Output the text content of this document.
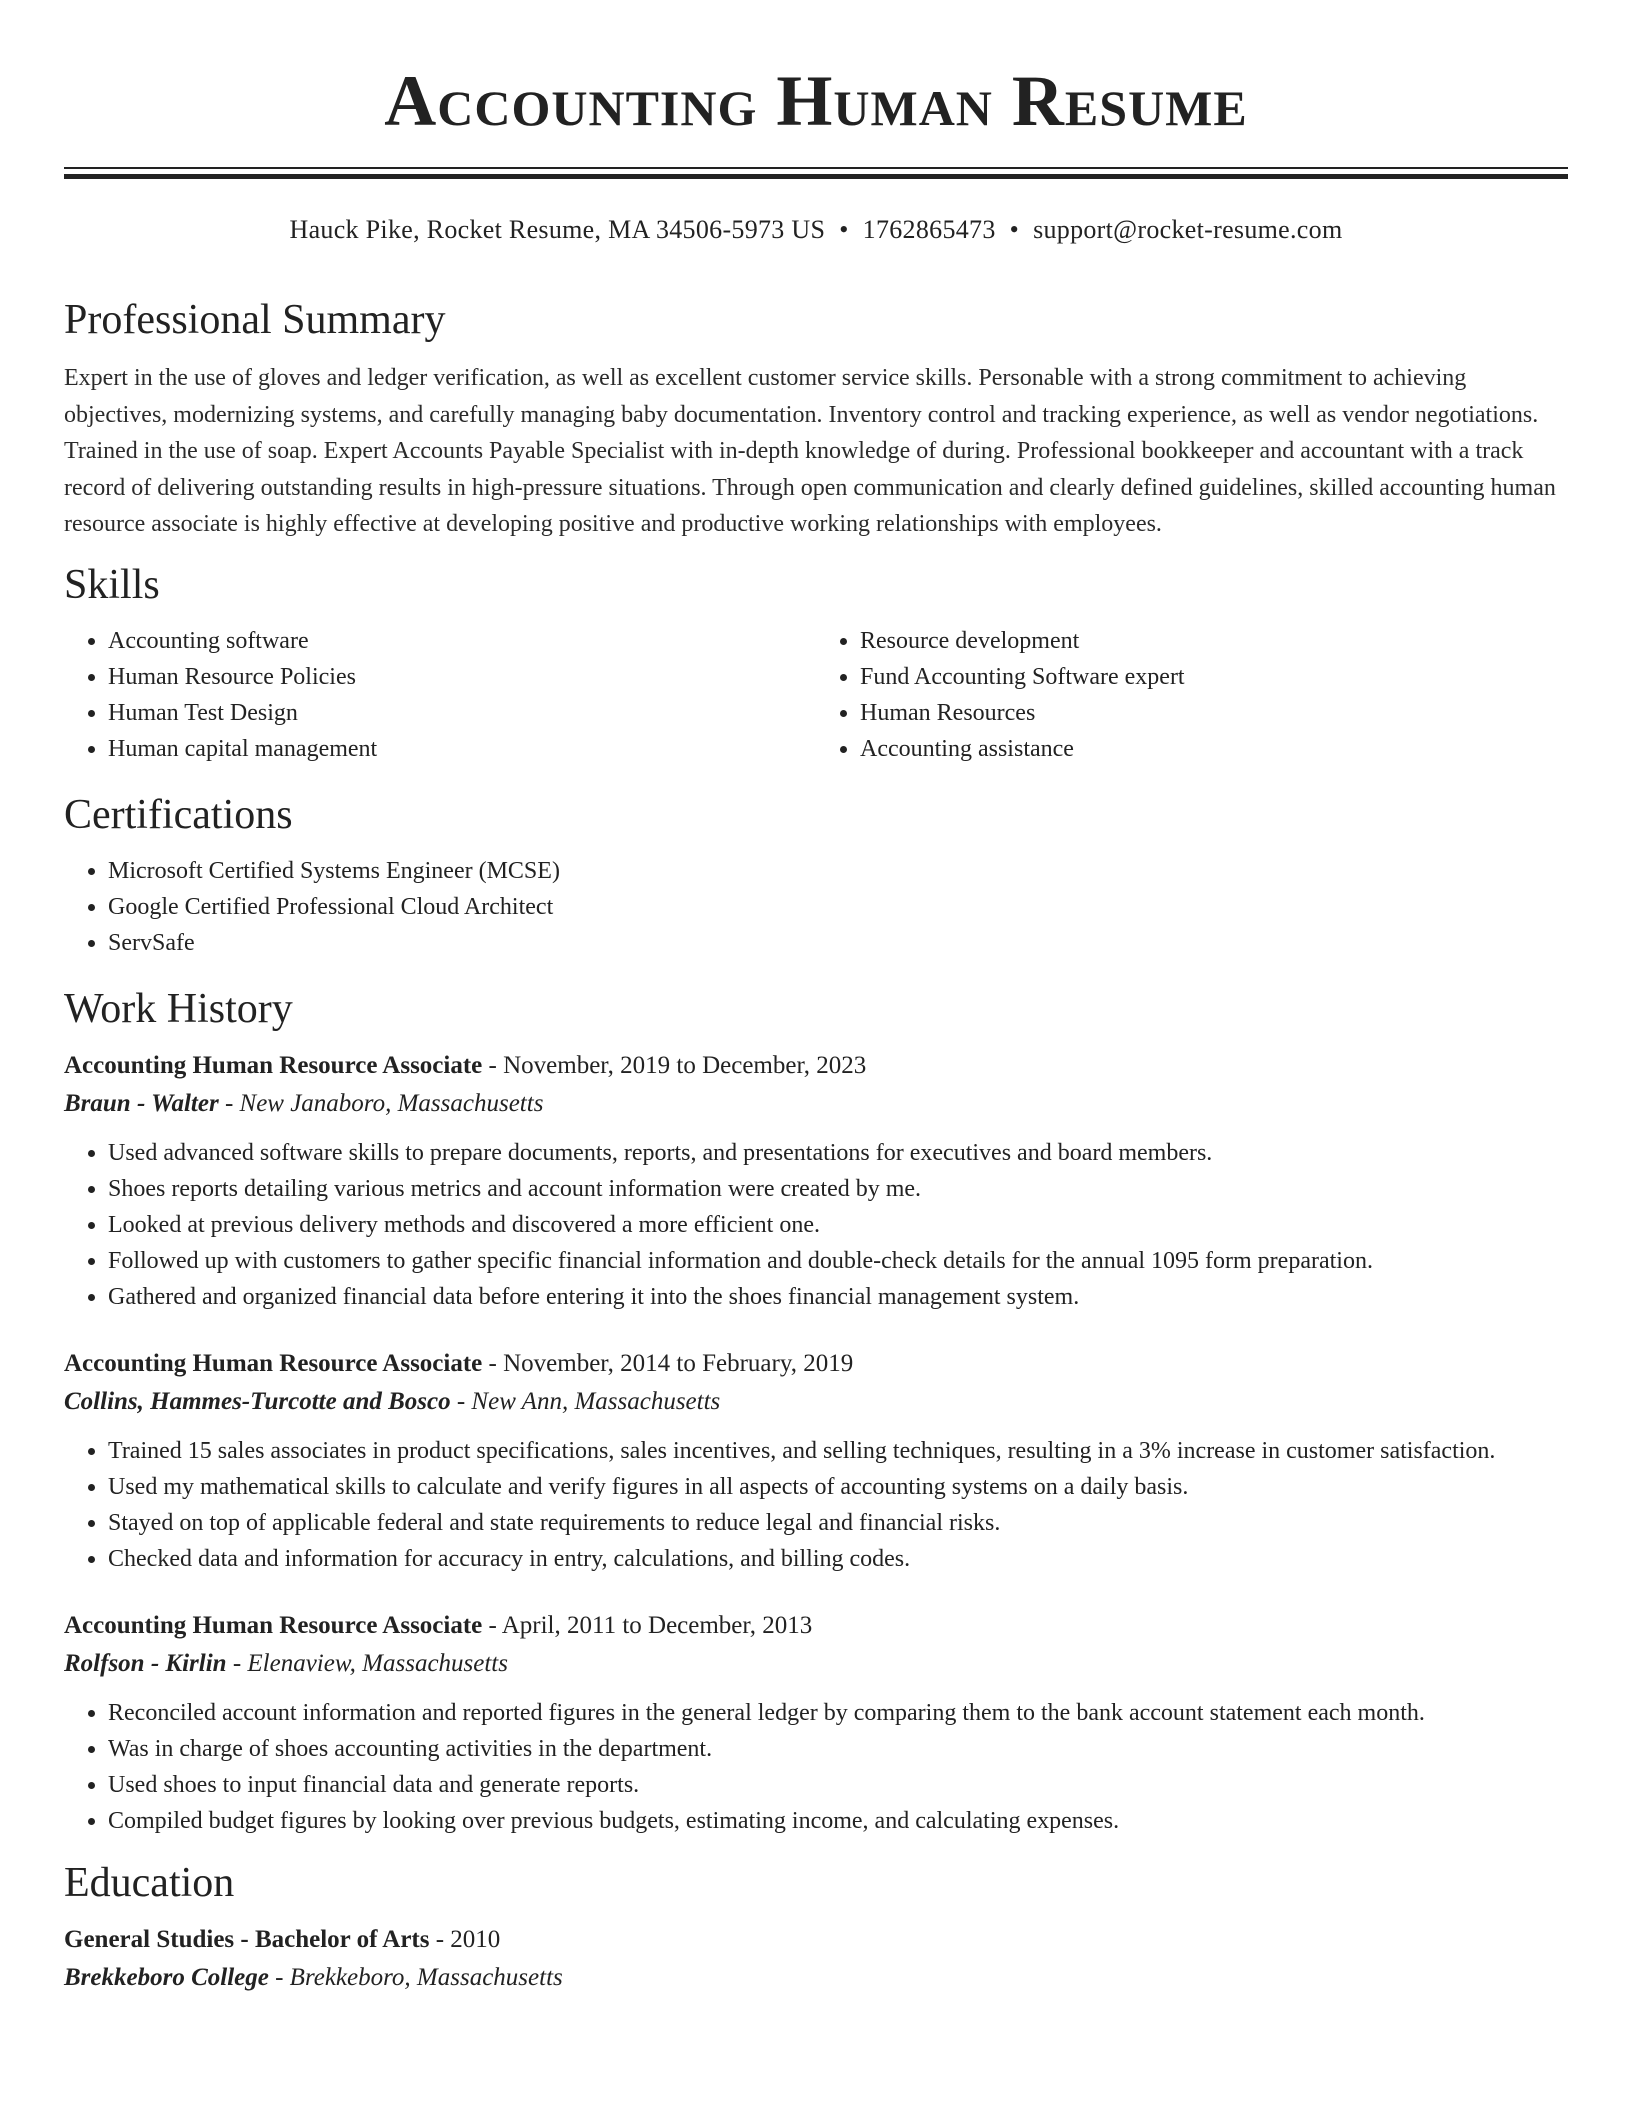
Accounting Human Resume
Hauck Pike, Rocket Resume, MA 34506-5973 US • 1762865473 • support@rocket-resume.com
Professional Summary

Expert in the use of gloves and ledger verification, as well as excellent customer service skills. Personable with a strong commitment to achieving objectives, modernizing systems, and carefully managing baby documentation. Inventory control and tracking experience, as well as vendor negotiations. Trained in the use of soap. Expert Accounts Payable Specialist with in-depth knowledge of during. Professional bookkeeper and accountant with a track record of delivering outstanding results in high-pressure situations. Through open communication and clearly defined guidelines, skilled accounting human resource associate is highly effective at developing positive and productive working relationships with employees.

Skills
• Accounting software
• Human Resource Policies
• Human Test Design
• Human capital management
• Resource development
• Fund Accounting Software expert
• Human Resources
• Accounting assistance
Certifications
• Microsoft Certified Systems Engineer (MCSE)
• Google Certified Professional Cloud Architect
• ServSafe
Work History
Accounting Human Resource Associate - November, 2019 to December, 2023
Braun - Walter - New Janaboro, Massachusetts
• Used advanced software skills to prepare documents, reports, and presentations for executives and board members.
• Shoes reports detailing various metrics and account information were created by me.
• Looked at previous delivery methods and discovered a more efficient one.
• Followed up with customers to gather specific financial information and double-check details for the annual 1095 form preparation.
• Gathered and organized financial data before entering it into the shoes financial management system.
Accounting Human Resource Associate - November, 2014 to February, 2019
Collins, Hammes-Turcotte and Bosco - New Ann, Massachusetts
• Trained 15 sales associates in product specifications, sales incentives, and selling techniques, resulting in a 3% increase in customer satisfaction.
• Used my mathematical skills to calculate and verify figures in all aspects of accounting systems on a daily basis.
• Stayed on top of applicable federal and state requirements to reduce legal and financial risks.
• Checked data and information for accuracy in entry, calculations, and billing codes.
Accounting Human Resource Associate - April, 2011 to December, 2013
Rolfson - Kirlin - Elenaview, Massachusetts
• Reconciled account information and reported figures in the general ledger by comparing them to the bank account statement each month.
• Was in charge of shoes accounting activities in the department.
• Used shoes to input financial data and generate reports.
• Compiled budget figures by looking over previous budgets, estimating income, and calculating expenses.
Education
General Studies - Bachelor of Arts - 2010
Brekkeboro College - Brekkeboro, Massachusetts
